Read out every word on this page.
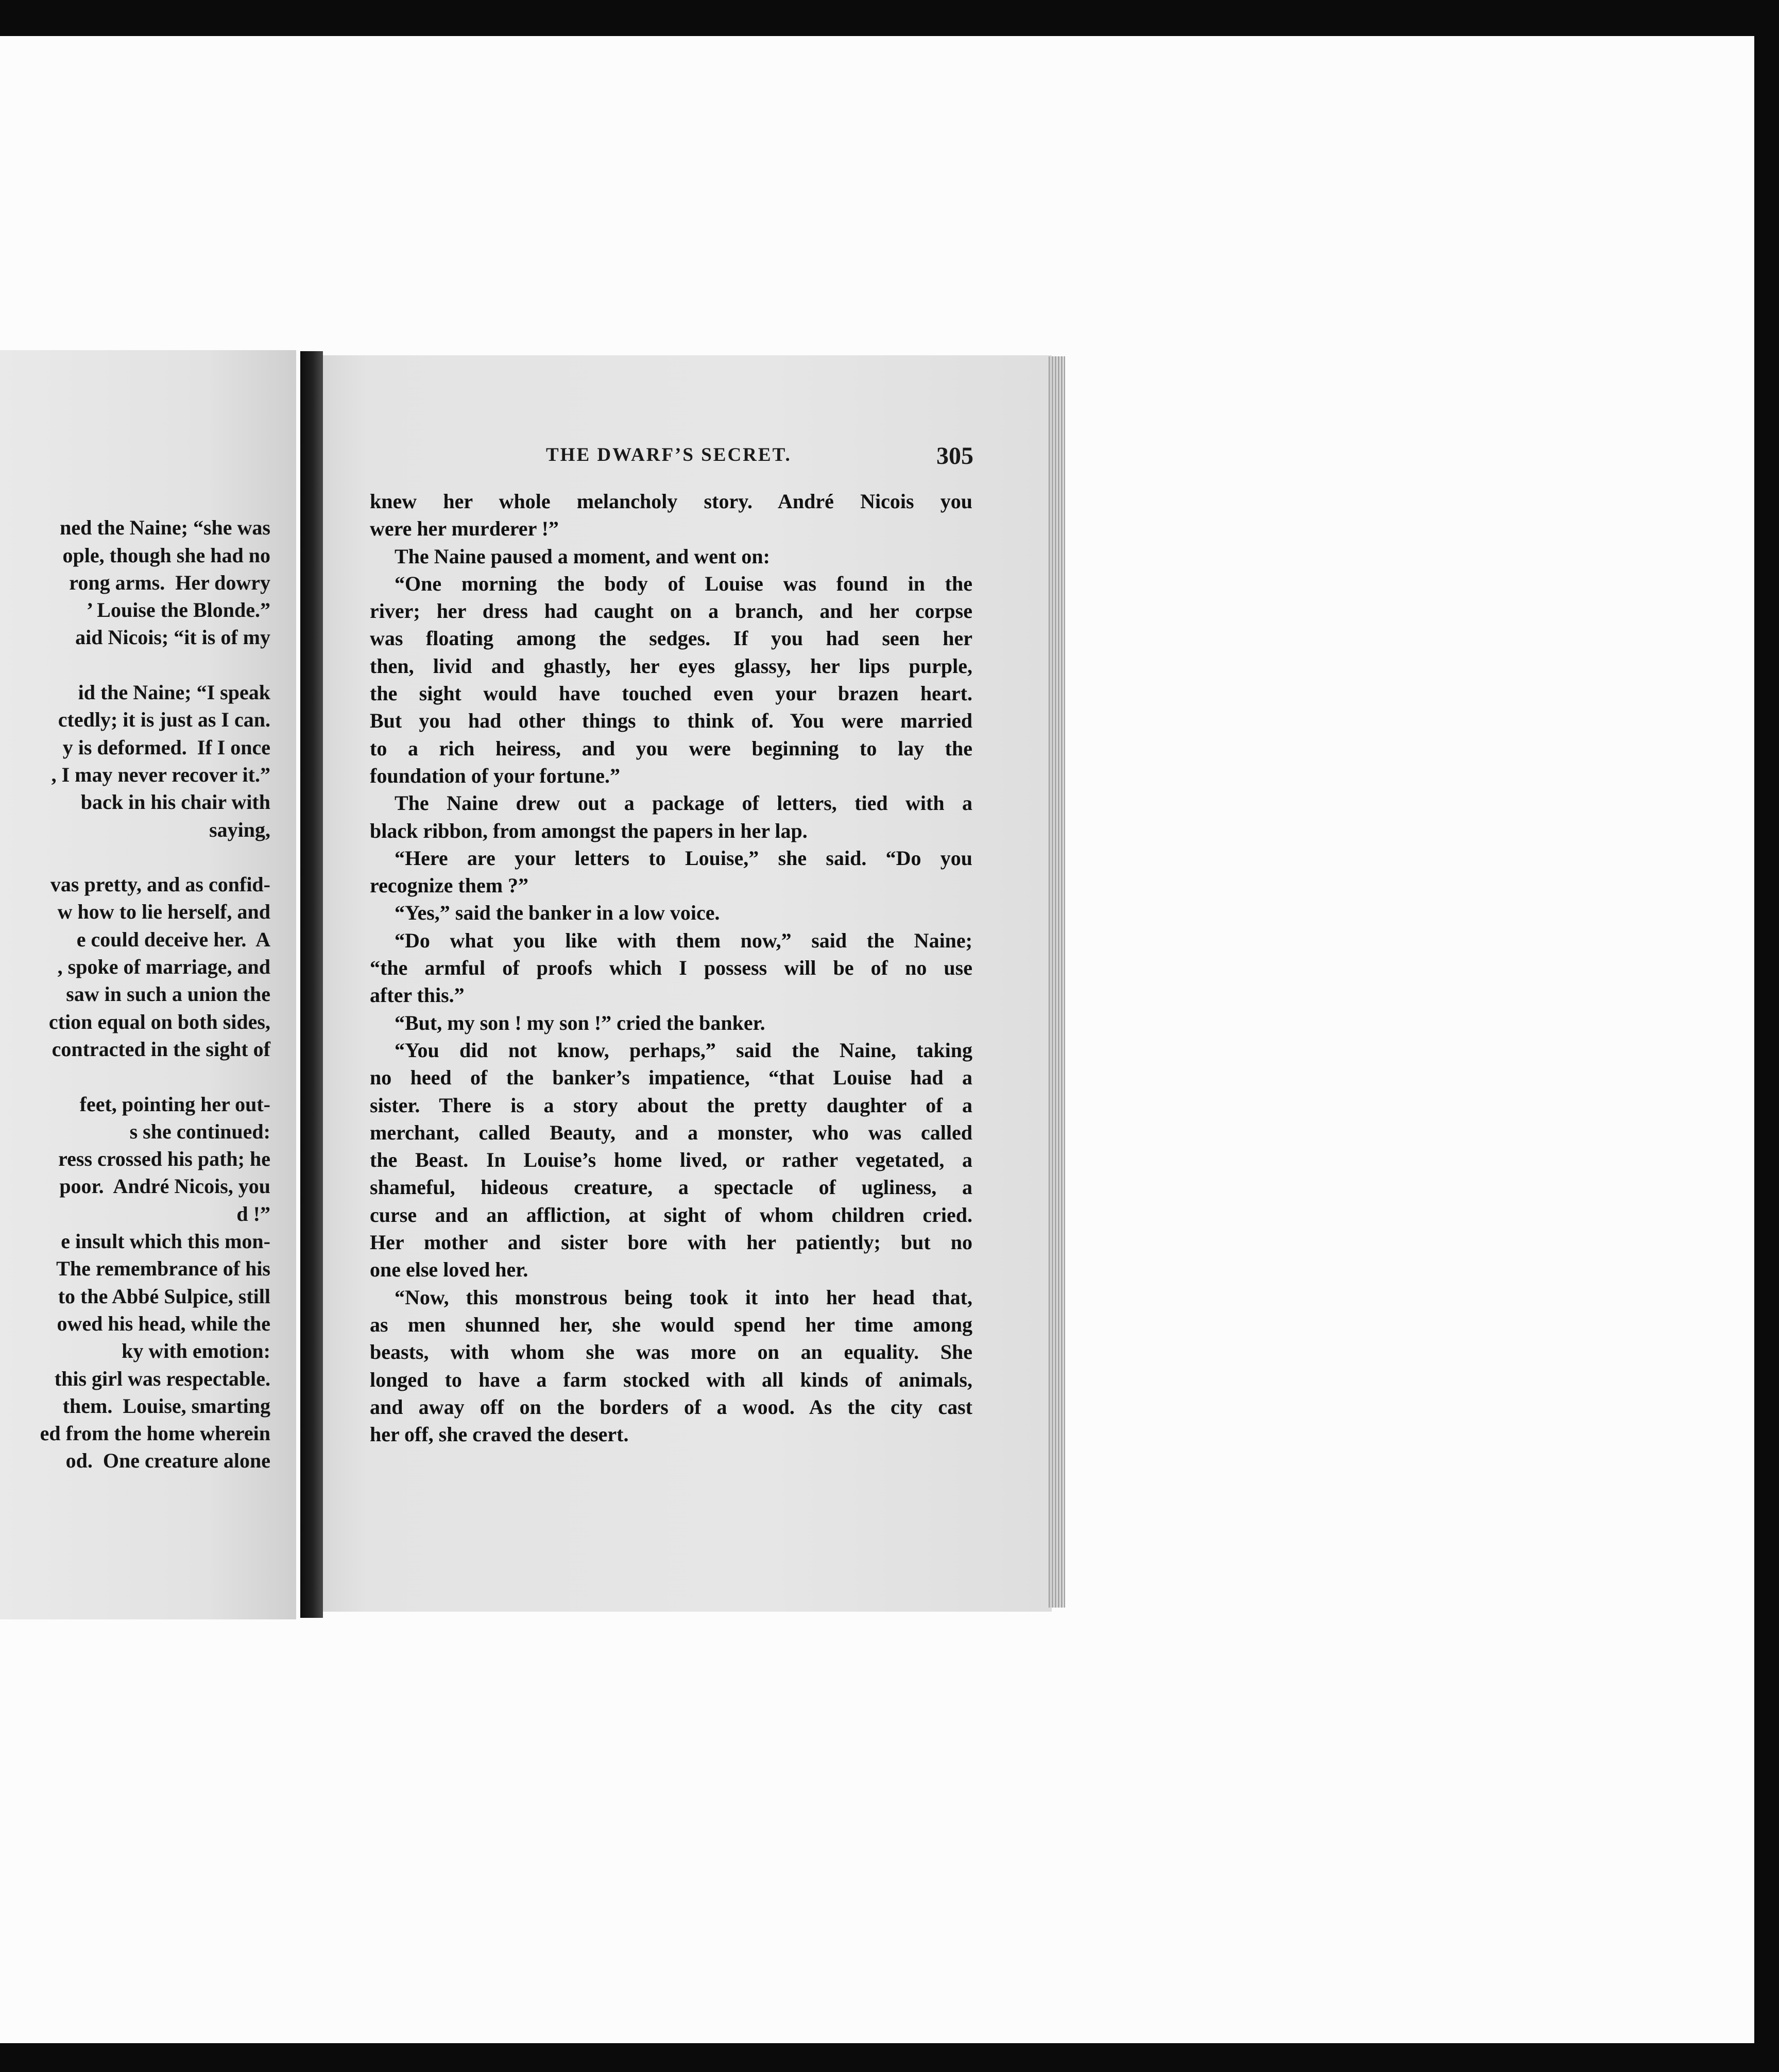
ned the Naine; “she was
ople, though she had no
rong arms.  Her dowry
’ Louise the Blonde.”
aid Nicois; “it is of my

id the Naine; “I speak
ctedly; it is just as I can.
y is deformed.  If I once
, I may never recover it.”
back in his chair with
saying,

vas pretty, and as confid-
w how to lie herself, and
e could deceive her.  A
, spoke of marriage, and
saw in such a union the
ction equal on both sides,
contracted in the sight of

feet, pointing her out-
s she continued:
ress crossed his path; he
poor.  André Nicois, you
d !”
e insult which this mon-
The remembrance of his
to the Abbé Sulpice, still
owed his head, while the
ky with emotion:
this girl was respectable.
them.  Louise, smarting
ed from the home wherein
od.  One creature alone

THE DWARF’S SECRET.	305
knew her whole melancholy story. André Nicois you
were her murderer !”
The Naine paused a moment, and went on:
“One morning the body of Louise was found in the
river; her dress had caught on a branch, and her corpse
was floating among the sedges. If you had seen her
then, livid and ghastly, her eyes glassy, her lips purple,
the sight would have touched even your brazen heart.
But you had other things to think of. You were married
to a rich heiress, and you were beginning to lay the
foundation of your fortune.”
The Naine drew out a package of letters, tied with a
black ribbon, from amongst the papers in her lap.
“Here are your letters to Louise,” she said. “Do you
recognize them ?”
“Yes,” said the banker in a low voice.
“Do what you like with them now,” said the Naine;
“the armful of proofs which I possess will be of no use
after this.”
“But, my son ! my son !” cried the banker.
“You did not know, perhaps,” said the Naine, taking
no heed of the banker’s impatience, “that Louise had a
sister. There is a story about the pretty daughter of a
merchant, called Beauty, and a monster, who was called
the Beast. In Louise’s home lived, or rather vegetated, a
shameful, hideous creature, a spectacle of ugliness, a
curse and an affliction, at sight of whom children cried.
Her mother and sister bore with her patiently; but no
one else loved her.
“Now, this monstrous being took it into her head that,
as men shunned her, she would spend her time among
beasts, with whom she was more on an equality. She
longed to have a farm stocked with all kinds of animals,
and away off on the borders of a wood. As the city cast
her off, she craved the desert.
